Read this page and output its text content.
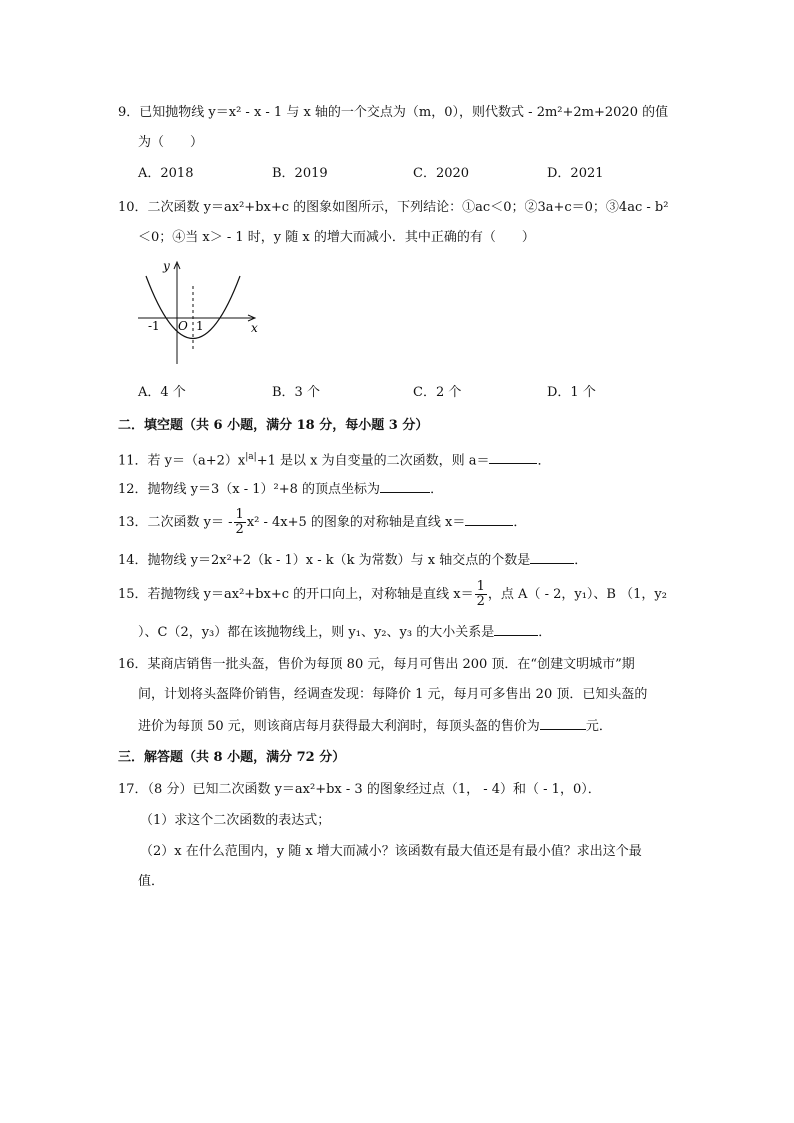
9．已知抛物线 y＝x² - x - 1 与 x 轴的一个交点为（m，0），则代数式 - 2m²+2m+2020 的值
为（　　）
A．2018	B．2019	C．2020	D．2021
10．二次函数 y＝ax²+bx+c 的图象如图所示，下列结论：①ac＜0；②3a+c＝0；③4ac - b²
＜0；④当 x＞ - 1 时，y 随 x 的增大而减小．其中正确的有（　　）
y
x
O
-1	1
A．4 个	B．3 个	C．2 个	D．1 个
二．填空题（共 6 小题，满分 18 分，每小题 3 分）
11．若 $y=(a+2)x^{|a|}+1$ 是以 x 为自变量的二次函数，则 a＝	．
12．抛物线 y＝3（x - 1）²+8 的顶点坐标为	．
13．二次函数 $y= - \frac{1}{2} x^2 - 4x+5$ 的图象的对称轴是直线 x＝	．
14．抛物线 y＝2x²+2（k - 1）x - k（k 为常数）与 x 轴交点的个数是	．
15．若抛物线 y＝ax²+bx+c 的开口向上，对称轴是直线 $x= \frac{1}{2}$ ，点 A（ - 2，y₁）、B （1，y₂
）、C（2，y₃）都在该抛物线上，则 y₁、y₂、y₃ 的大小关系是	．
16．某商店销售一批头盔，售价为每顶 80 元，每月可售出 200 顶．在“创建文明城市”期
间，计划将头盔降价销售，经调查发现：每降价 1 元，每月可多售出 20 顶．已知头盔的
进价为每顶 50 元，则该商店每月获得最大利润时，每顶头盔的售价为	元．
三．解答题（共 8 小题，满分 72 分）
17．（8 分）已知二次函数 y＝ax²+bx - 3 的图象经过点（1， - 4）和（ - 1，0）．
（1）求这个二次函数的表达式；
（2）x 在什么范围内，y 随 x 增大而减小？该函数有最大值还是有最小值？求出这个最
值．
